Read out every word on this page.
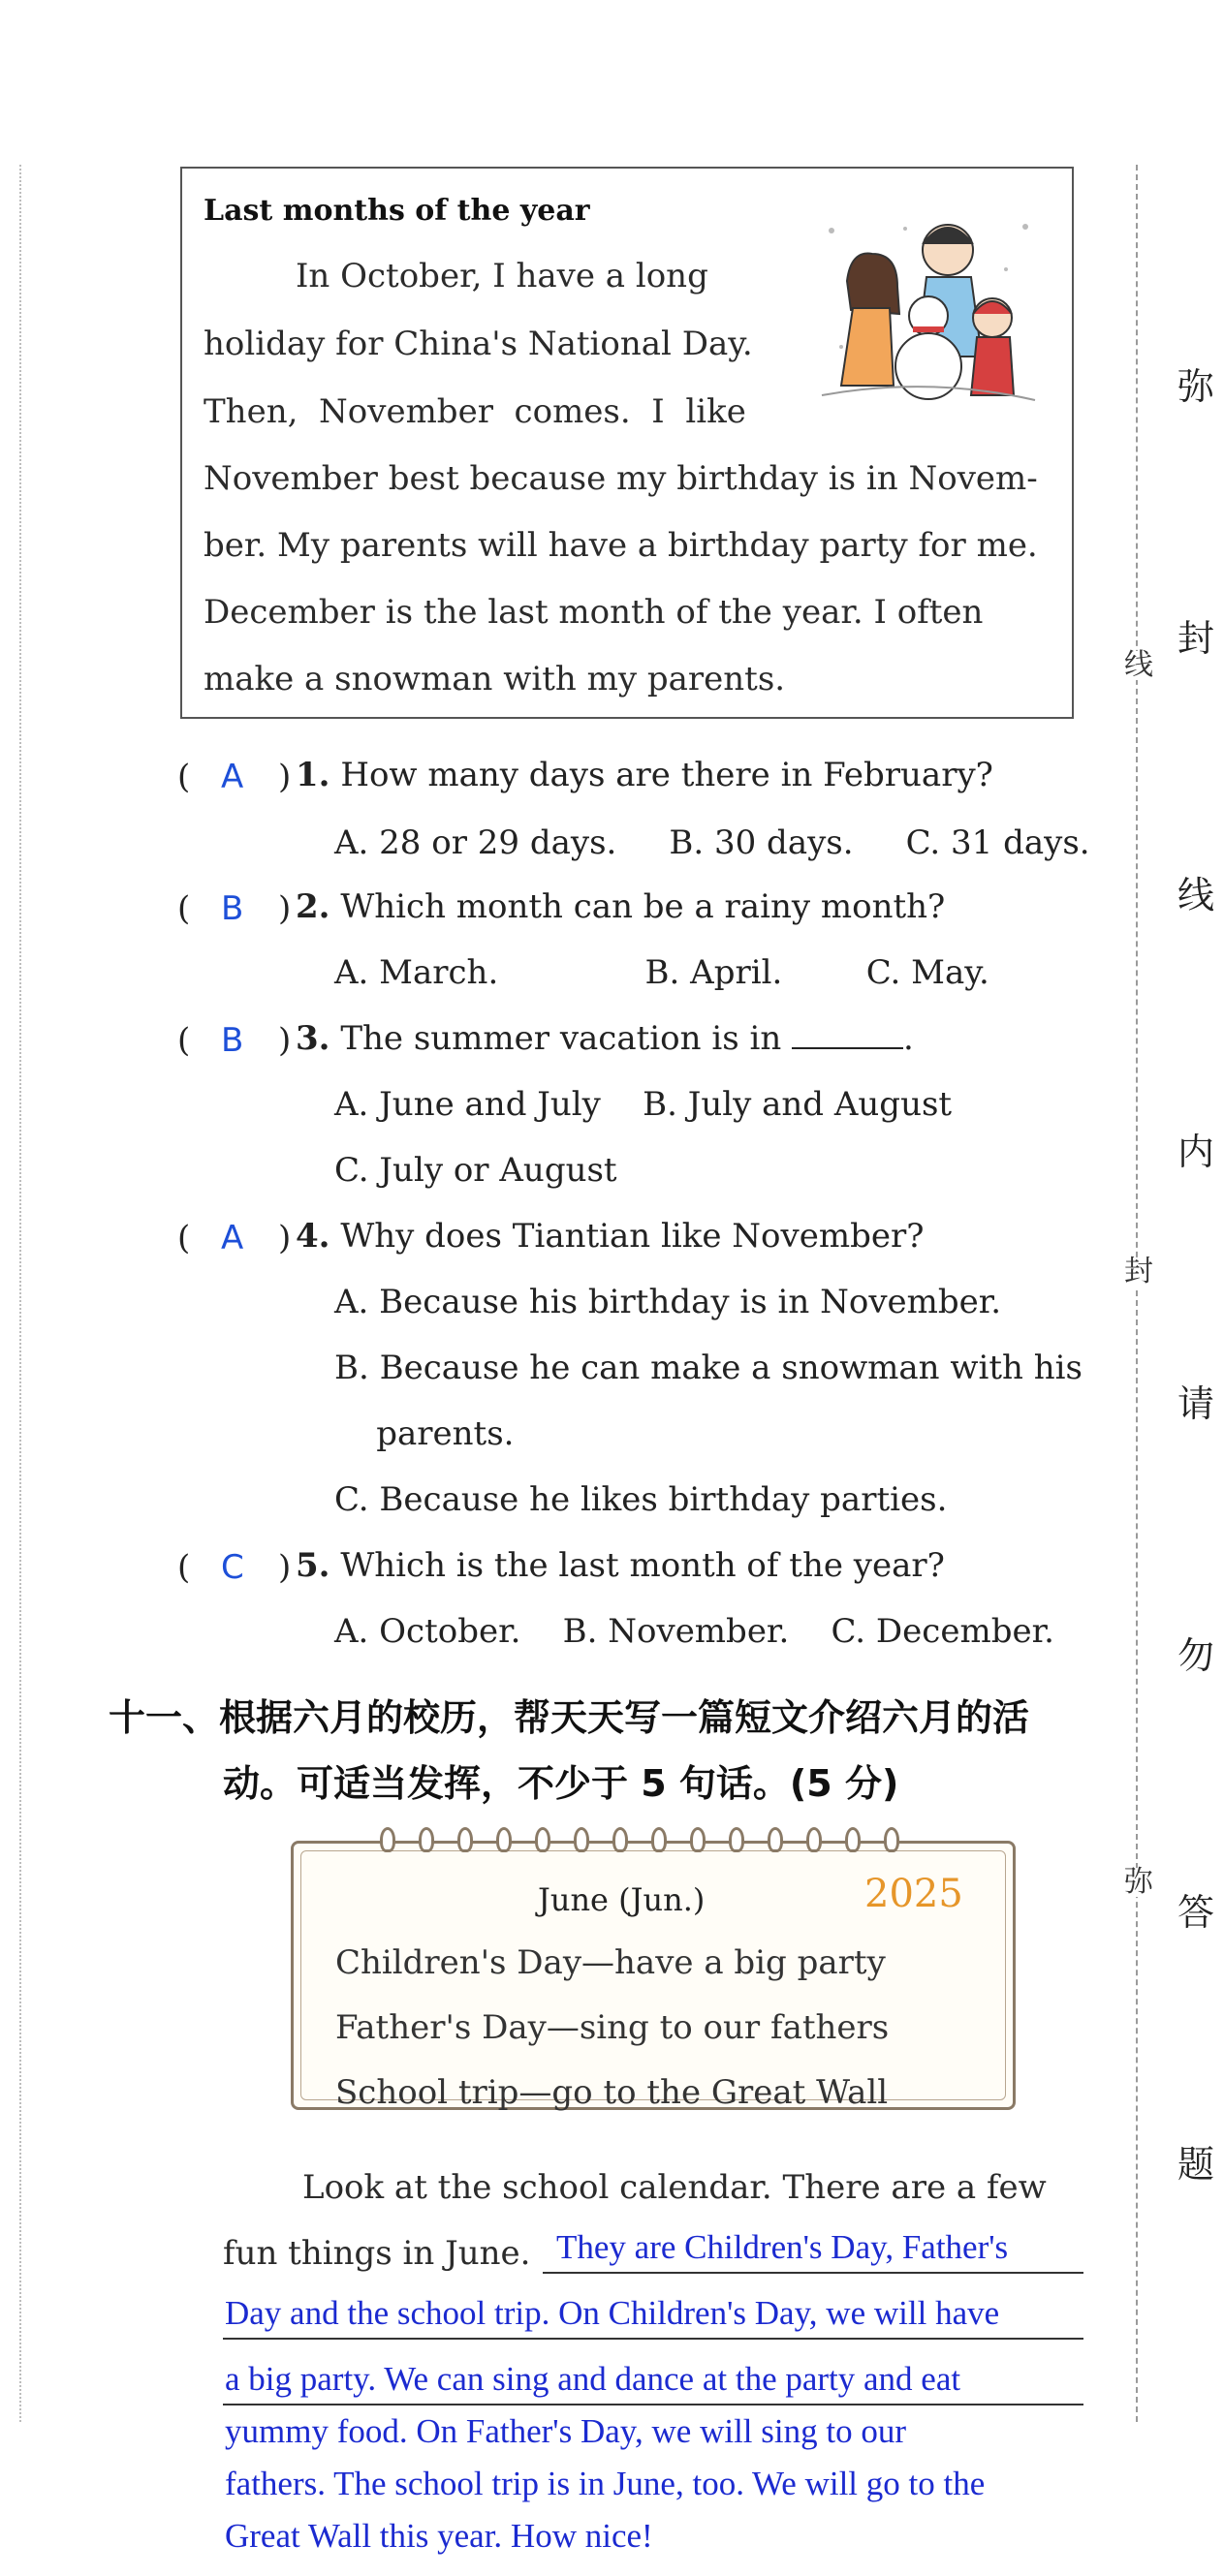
线
封
弥
弥
封
线
内
请
勿
答
题
Last months of the year
In October, I have a long
holiday for China's National Day.
Then,  November  comes.  I  like
November best because my birthday is in Novem-
ber. My parents will have a birthday party for me.
December is the last month of the year. I often
make a snowman with my parents.
( A ) 1. How many days are there in February?
A. 28 or 29 days.     B. 30 days.     C. 31 days.
( B ) 2. Which month can be a rainy month?
A. March.              B. April.        C. May.
( B ) 3. The summer vacation is in	.
A. June and July    B. July and August
C. July or August
( A ) 4. Why does Tiantian like November?
A. Because his birthday is in November.
B. Because he can make a snowman with his
parents.
C. Because he likes birthday parties.
( C ) 5. Which is the last month of the year?
A. October.    B. November.    C. December.
十一、根据六月的校历，帮天天写一篇短文介绍六月的活
动。可适当发挥，不少于 5 句话。(5 分)
June (Jun.)	2025
Children's Day—have a big party
Father's Day—sing to our fathers
School trip—go to the Great Wall
Look at the school calendar. There are a few
fun things in June. They are Children's Day, Father's
Day and the school trip. On Children's Day, we will have
a big party. We can sing and dance at the party and eat
yummy food. On Father's Day, we will sing to our
fathers. The school trip is in June, too. We will go to the
Great Wall this year. How nice!
